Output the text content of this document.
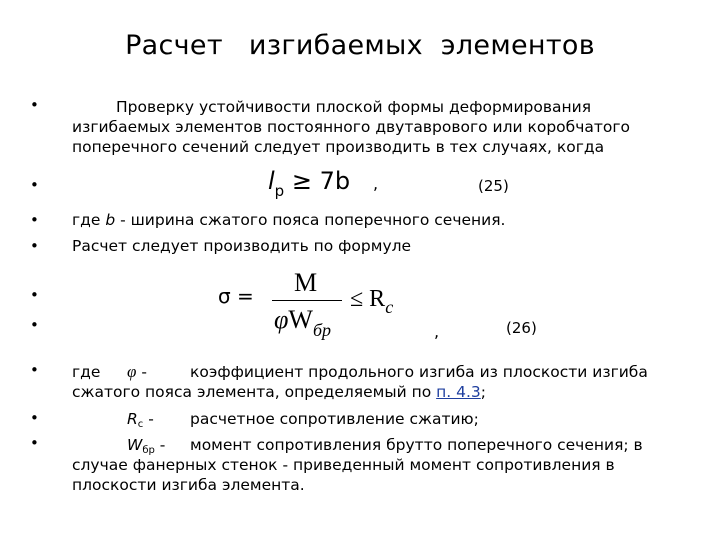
Расчет изгибаемых элементов
•
•
•
•
•
•
•
•
•
Проверку устойчивости плоской формы деформирования
изгибаемых элементов постоянного двутаврового или коробчатого
поперечного сечений следует производить в тех случаях, когда
$l_р \ge 7b$ ,	(25)
где b - ширина сжатого пояса поперечного сечения.
Расчет следует производить по формуле
σ = M
$\varphi W_{бр}$
≤ $R_c$
,	(26)
где φ -	коэффициент продольного изгиба из плоскости изгиба
сжатого пояса элемента, определяемый по п. 4.3;
Rc - расчетное сопротивление сжатию;
Wбр - момент сопротивления брутто поперечного сечения; в
случае фанерных стенок - приведенный момент сопротивления в
плоскости изгиба элемента.
